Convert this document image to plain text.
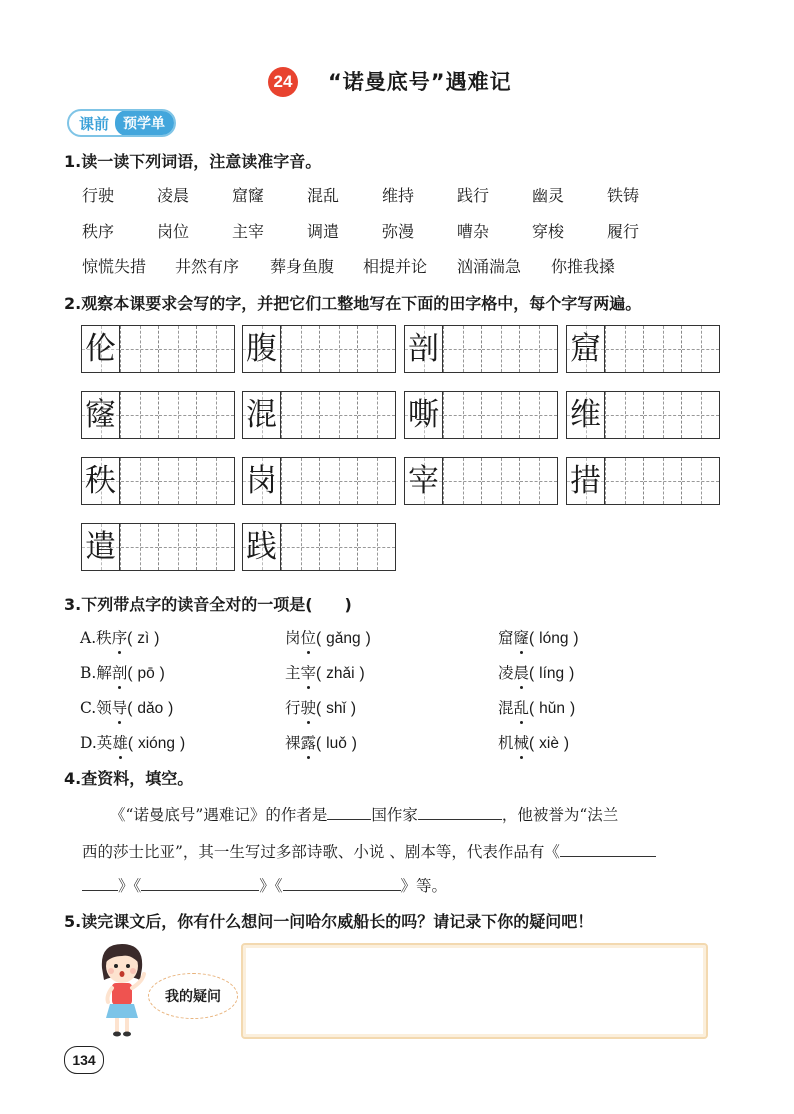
24 “诺曼底号”遇难记
课前	预学单
1.读一读下列词语，注意读准字音。
行驶	凌晨	窟窿	混乱	维持	践行	幽灵	铁铸
秩序	岗位	主宰	调遣	弥漫	嘈杂	穿梭	履行
惊慌失措 井然有序 葬身鱼腹 相提并论 汹涌湍急 你推我搡
2.观察本课要求会写的字，并把它们工整地写在下面的田字格中，每个字写两遍。
伦	腹	剖	窟
窿	混	嘶	维
秩	岗	宰	措
遣	践
3.下列带点字的读音全对的一项是(　　)
A.秩序( zì )	岗位( gǎng )	窟窿( lóng )
B.解剖( pō )	主宰( zhǎi )	凌晨( líng )
C.领导( dǎo )	行驶( shǐ )	混乱( hǔn )
D.英雄( xióng )	裸露( luǒ )	机械( xiè )
4.查资料，填空。
《“诺曼底号”遇难记》的作者是	国作家	，他被誉为“法兰
西的莎士比亚”，其一生写过多部诗歌、小说 、剧本等，代表作品有《
》《	》《	》等。
5.读完课文后，你有什么想问一问哈尔威船长的吗？请记录下你的疑问吧！
我的疑问
134
